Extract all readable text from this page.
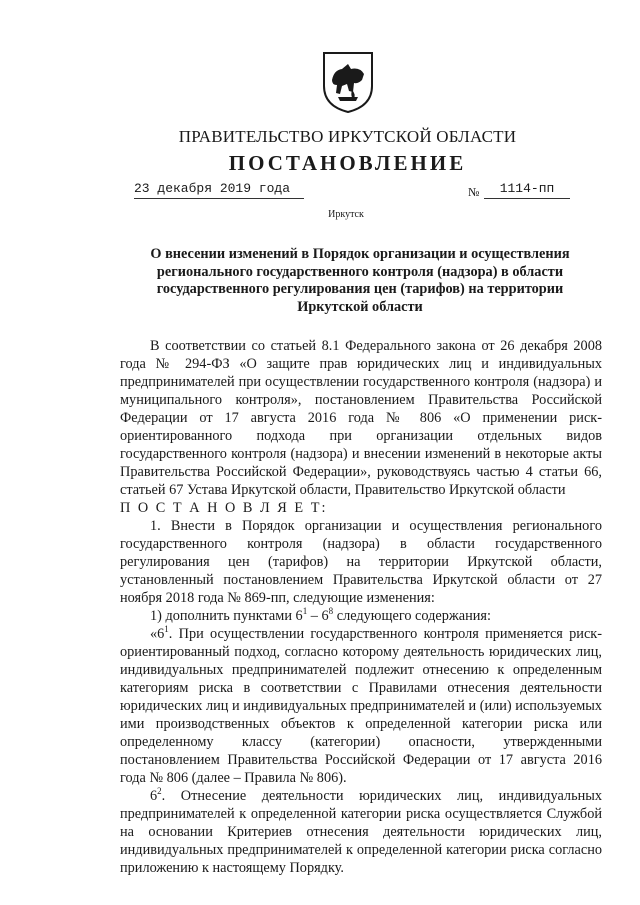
ПРАВИТЕЛЬСТВО ИРКУТСКОЙ ОБЛАСТИ
ПОСТАНОВЛЕНИЕ
23 декабря 2019 года	№	1114-пп
Иркутск
О внесении изменений в Порядок организации и осуществления регионального государственного контроля (надзора) в области государственного регулирования цен (тарифов) на территории Иркутской области

В соответствии со статьей 8.1 Федерального закона от 26 декабря 2008 года № 294-ФЗ «О защите прав юридических лиц и индивидуальных предпринимателей при осуществлении государственного контроля (надзора) и муниципального контроля», постановлением Правительства Российской Федерации от 17 августа 2016 года № 806 «О применении риск-ориентированного подхода при организации отдельных видов государственного контроля (надзора) и внесении изменений в некоторые акты Правительства Российской Федерации», руководствуясь частью 4 статьи 66, статьей 67 Устава Иркутской области, Правительство Иркутской области

П О С Т А Н О В Л Я Е Т:

1. Внести в Порядок организации и осуществления регионального государственного контроля (надзора) в области государственного регулирования цен (тарифов) на территории Иркутской области, установленный постановлением Правительства Иркутской области от 27 ноября 2018 года № 869-пп, следующие изменения:

1) дополнить пунктами $6^1 - 6^8$ следующего содержания:

«$6^1$. При осуществлении государственного контроля применяется риск-ориентированный подход, согласно которому деятельность юридических лиц, индивидуальных предпринимателей подлежит отнесению к определенным категориям риска в соответствии с Правилами отнесения деятельности юридических лиц и индивидуальных предпринимателей и (или) используемых ими производственных объектов к определенной категории риска или определенному классу (категории) опасности, утвержденными постановлением Правительства Российской Федерации от 17 августа 2016 года № 806 (далее – Правила № 806).

$6^2$. Отнесение деятельности юридических лиц, индивидуальных предпринимателей к определенной категории риска осуществляется Службой на основании Критериев отнесения деятельности юридических лиц, индивидуальных предпринимателей к определенной категории риска согласно приложению к настоящему Порядку.
